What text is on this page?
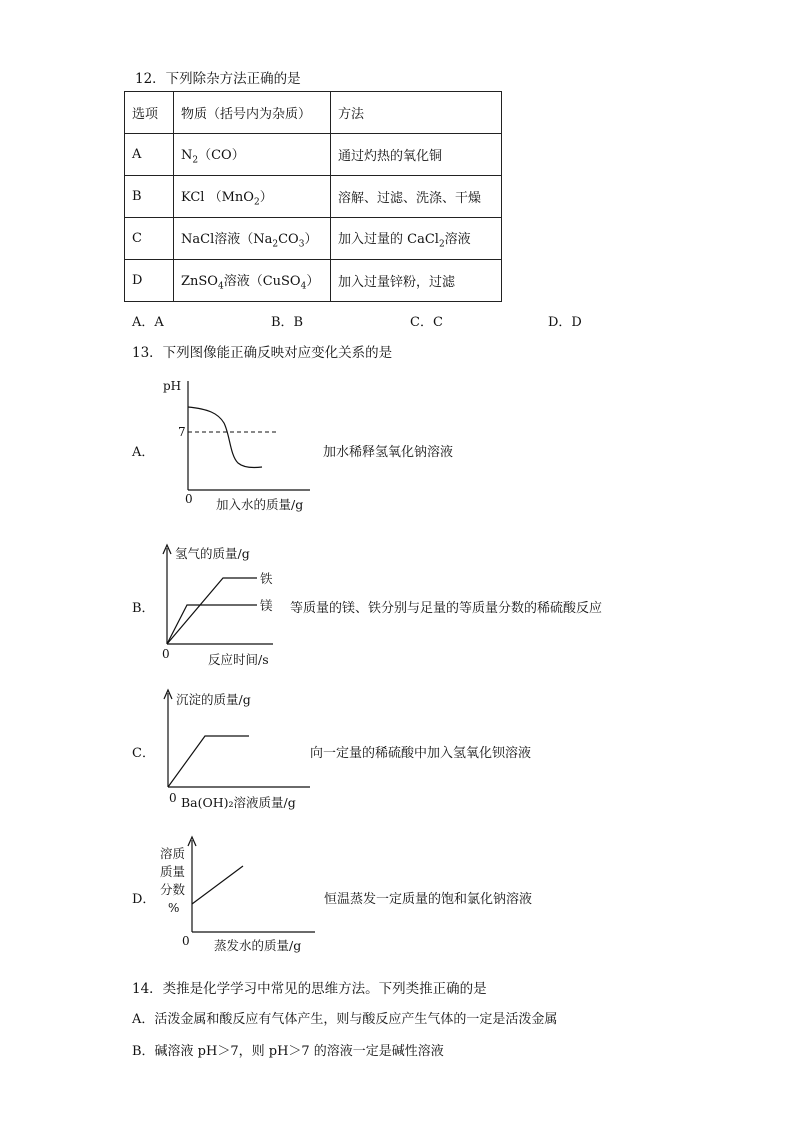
12．下列除杂方法正确的是
选项	物质（括号内为杂质）	方法
A	$N_2(CO)$	通过灼热的氧化铜
B	KCl （MnO$_2$）	溶解、过滤、洗涤、干燥
C	NaCl溶液$(Na_2CO_3)$	加入过量的 CaCl$_2$溶液
D	ZnSO$_4$溶液（CuSO$_4$）	加入过量锌粉，过滤
A．A	B．B	C．C	D．D
13．下列图像能正确反映对应变化关系的是
A．
pH
7
0 加入水的质量/g
加水稀释氢氧化钠溶液
B．
氢气的质量/g
铁
镁
0	反应时间/s
等质量的镁、铁分别与足量的等质量分数的稀硫酸反应
C．
沉淀的质量/g
0 Ba(OH)₂溶液质量/g
向一定量的稀硫酸中加入氢氧化钡溶液
D．
溶质
质量
分数
%
0 蒸发水的质量/g
恒温蒸发一定质量的饱和氯化钠溶液
14．类推是化学学习中常见的思维方法。下列类推正确的是
A．活泼金属和酸反应有气体产生，则与酸反应产生气体的一定是活泼金属
B．碱溶液 pH＞7，则 pH＞7 的溶液一定是碱性溶液
